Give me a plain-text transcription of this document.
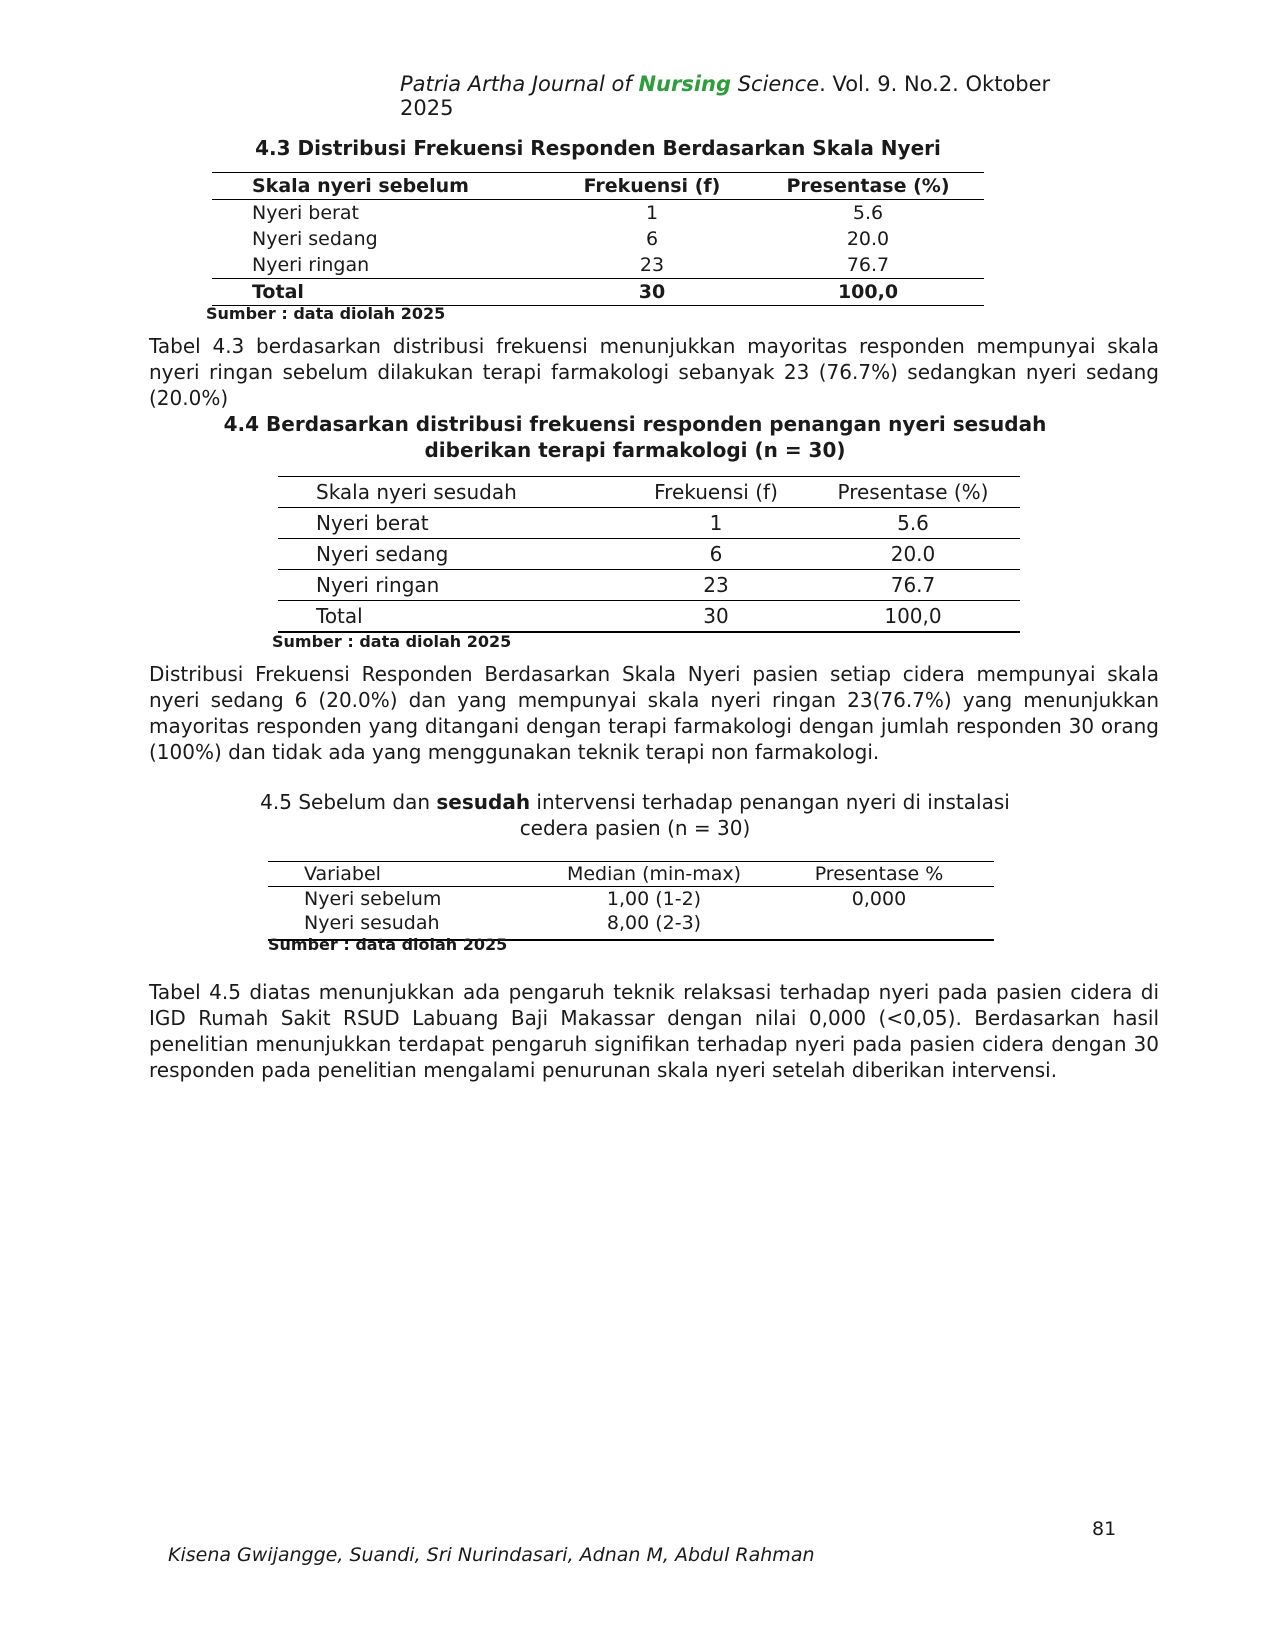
Patria Artha Journal of Nursing Science. Vol. 9. No.2. Oktober 2025
4.3 Distribusi Frekuensi Responden Berdasarkan Skala Nyeri
Skala nyeri sebelum	Frekuensi (f)	Presentase (%)
Nyeri berat	1	5.6
Nyeri sedang	6	20.0
Nyeri ringan	23	76.7
Total	30	100,0
Sumber : data diolah 2025

Tabel 4.3 berdasarkan distribusi frekuensi menunjukkan mayoritas responden mempunyai skala nyeri ringan sebelum dilakukan terapi farmakologi sebanyak 23 (76.7%) sedangkan nyeri sedang (20.0%)

4.4 Berdasarkan distribusi frekuensi responden penangan nyeri sesudah
diberikan terapi farmakologi (n = 30)
Skala nyeri sesudah	Frekuensi (f)	Presentase (%)
Nyeri berat	1	5.6
Nyeri sedang	6	20.0
Nyeri ringan	23	76.7
Total	30	100,0
Sumber : data diolah 2025

Distribusi Frekuensi Responden Berdasarkan Skala Nyeri pasien setiap cidera mempunyai skala nyeri sedang 6 (20.0%) dan yang mempunyai skala nyeri ringan 23(76.7%) yang menunjukkan mayoritas responden yang ditangani dengan terapi farmakologi dengan jumlah responden 30 orang (100%) dan tidak ada yang menggunakan teknik terapi non farmakologi.

4.5 Sebelum dan sesudah intervensi terhadap penangan nyeri di instalasi
cedera pasien (n = 30)
Variabel	Median (min-max)	Presentase %
Nyeri sebelum	1,00 (1-2)	0,000
Nyeri sesudah	8,00 (2-3)	
Sumber : data diolah 2025

Tabel 4.5 diatas menunjukkan ada pengaruh teknik relaksasi terhadap nyeri pada pasien cidera di IGD Rumah Sakit RSUD Labuang Baji Makassar dengan nilai 0,000 (<0,05). Berdasarkan hasil penelitian menunjukkan terdapat pengaruh signifikan terhadap nyeri pada pasien cidera dengan 30 responden pada penelitian mengalami penurunan skala nyeri setelah diberikan intervensi.

81
Kisena Gwijangge, Suandi, Sri Nurindasari, Adnan M, Abdul Rahman
